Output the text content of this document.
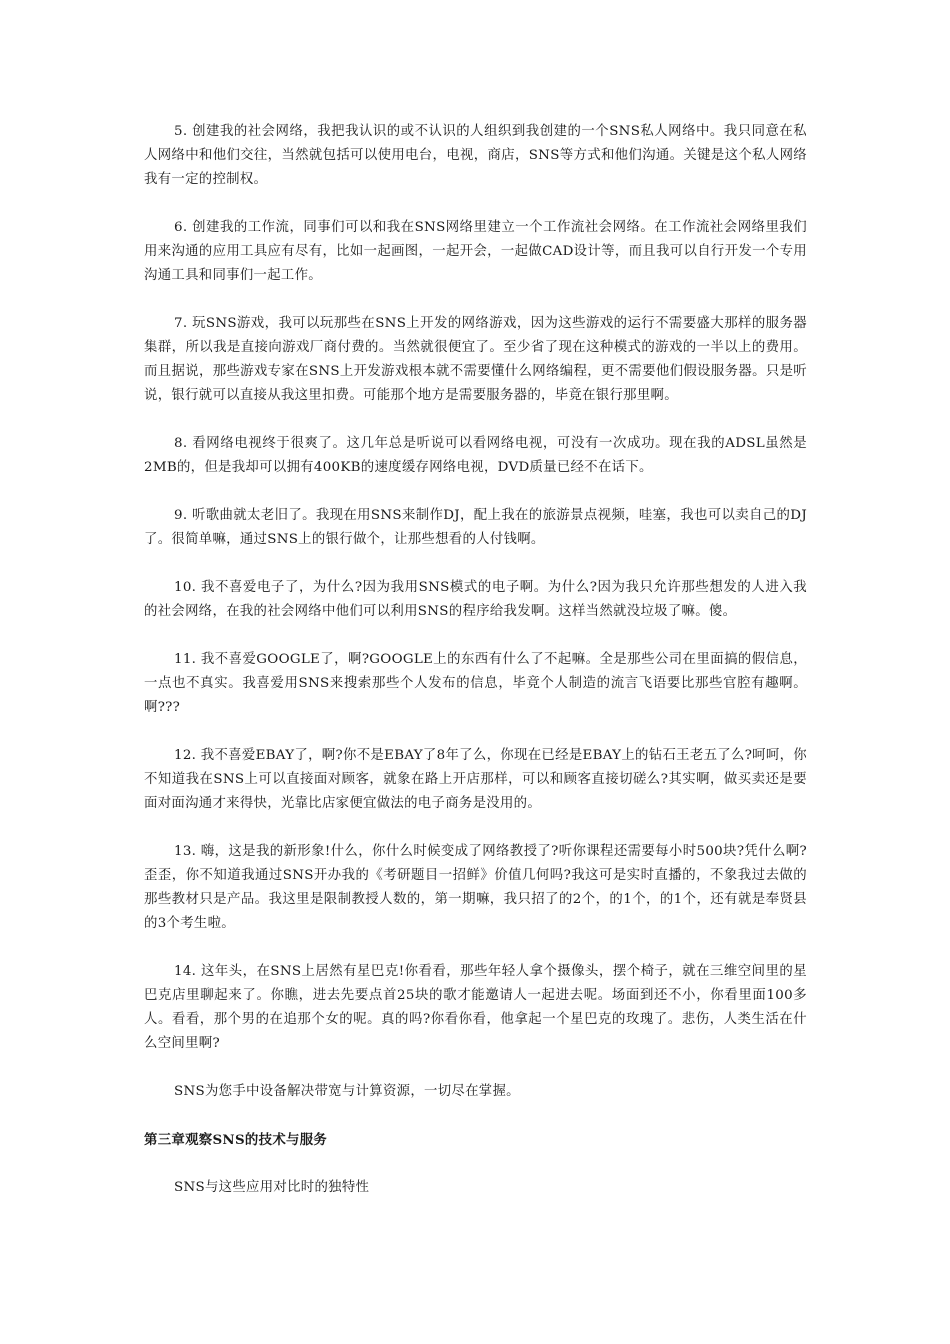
5. 创建我的社会网络，我把我认识的或不认识的人组织到我创建的一个SNS私人网络中。我只同意在私人网络中和他们交往，当然就包括可以使用电台，电视，商店，SNS等方式和他们沟通。关键是这个私人网络我有一定的控制权。

6. 创建我的工作流，同事们可以和我在SNS网络里建立一个工作流社会网络。在工作流社会网络里我们用来沟通的应用工具应有尽有，比如一起画图，一起开会，一起做CAD设计等，而且我可以自行开发一个专用沟通工具和同事们一起工作。

7. 玩SNS游戏，我可以玩那些在SNS上开发的网络游戏，因为这些游戏的运行不需要盛大那样的服务器集群，所以我是直接向游戏厂商付费的。当然就很便宜了。至少省了现在这种模式的游戏的一半以上的费用。而且据说，那些游戏专家在SNS上开发游戏根本就不需要懂什么网络编程，更不需要他们假设服务器。只是听说，银行就可以直接从我这里扣费。可能那个地方是需要服务器的，毕竟在银行那里啊。

8. 看网络电视终于很爽了。这几年总是听说可以看网络电视，可没有一次成功。现在我的ADSL虽然是2MB的，但是我却可以拥有400KB的速度缓存网络电视，DVD质量已经不在话下。

9. 听歌曲就太老旧了。我现在用SNS来制作DJ，配上我在的旅游景点视频，哇塞，我也可以卖自己的DJ了。很简单嘛，通过SNS上的银行做个，让那些想看的人付钱啊。

10. 我不喜爱电子了，为什么?因为我用SNS模式的电子啊。为什么?因为我只允许那些想发的人进入我的社会网络，在我的社会网络中他们可以利用SNS的程序给我发啊。这样当然就没垃圾了嘛。傻。

11. 我不喜爱GOOGLE了，啊?GOOGLE上的东西有什么了不起嘛。全是那些公司在里面搞的假信息，一点也不真实。我喜爱用SNS来搜索那些个人发布的信息，毕竟个人制造的流言飞语要比那些官腔有趣啊。啊???

12. 我不喜爱EBAY了，啊?你不是EBAY了8年了么，你现在已经是EBAY上的钻石王老五了么?呵呵，你不知道我在SNS上可以直接面对顾客，就象在路上开店那样，可以和顾客直接切磋么?其实啊，做买卖还是要面对面沟通才来得快，光靠比店家便宜做法的电子商务是没用的。

13. 嗨，这是我的新形象!什么，你什么时候变成了网络教授了?听你课程还需要每小时500块?凭什么啊?歪歪，你不知道我通过SNS开办我的《考研题目一招鲜》价值几何吗?我这可是实时直播的，不象我过去做的那些教材只是产品。我这里是限制教授人数的，第一期嘛，我只招了的2个，的1个，的1个，还有就是奉贤县的3个考生啦。

14. 这年头，在SNS上居然有星巴克!你看看，那些年轻人拿个摄像头，摆个椅子，就在三维空间里的星巴克店里聊起来了。你瞧，进去先要点首25块的歌才能邀请人一起进去呢。场面到还不小，你看里面100多人。看看，那个男的在追那个女的呢。真的吗?你看你看，他拿起一个星巴克的玫瑰了。悲伤，人类生活在什么空间里啊?

SNS为您手中设备解决带宽与计算资源，一切尽在掌握。

第三章观察SNS的技术与服务

SNS与这些应用对比时的独特性
